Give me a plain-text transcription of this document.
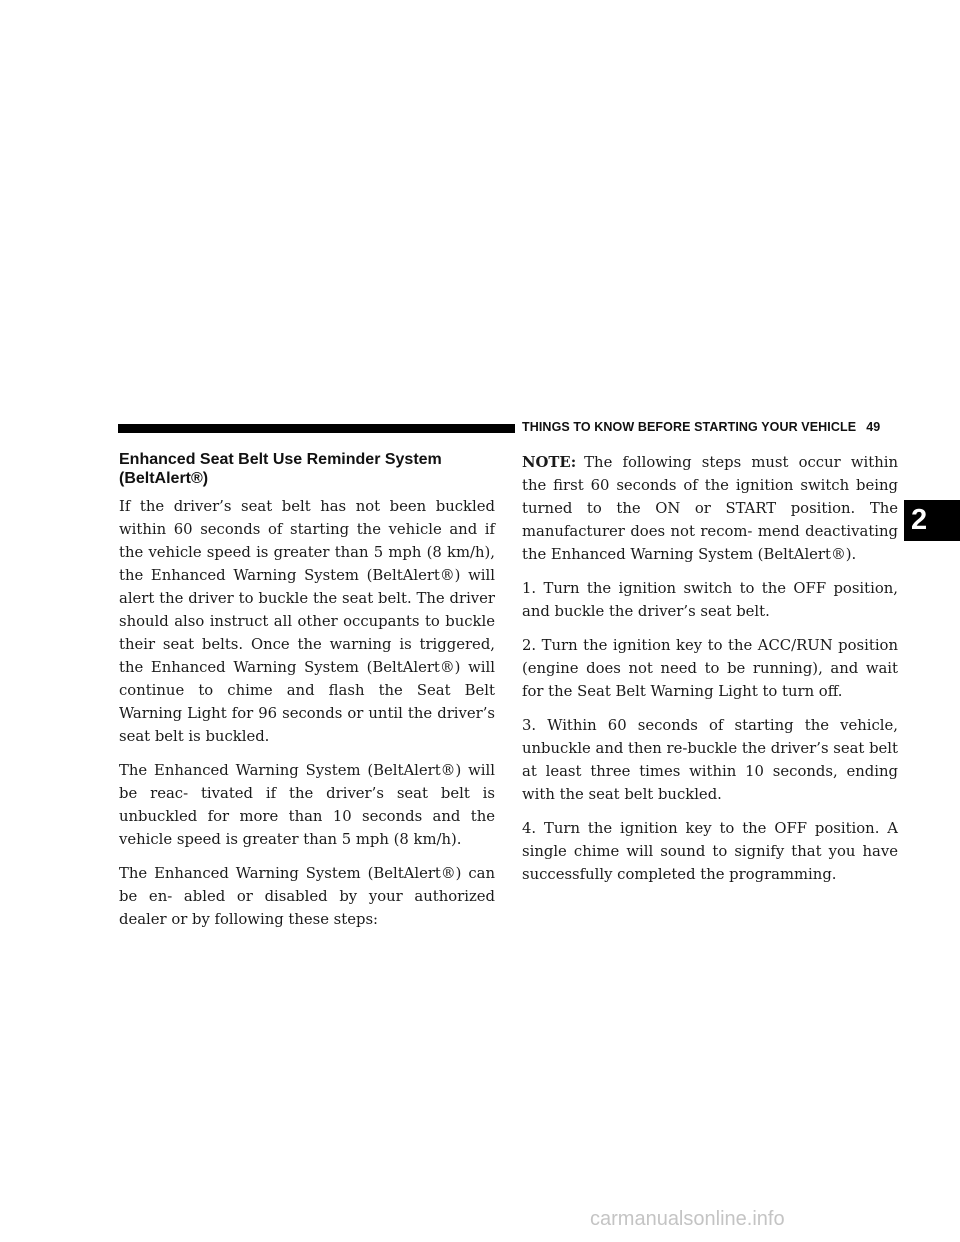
THINGS TO KNOW BEFORE STARTING YOUR VEHICLE 49
2
Enhanced Seat Belt Use Reminder System (BeltAlert®)

If the driver’s seat belt has not been buckled within 60 seconds of starting the vehicle and if the vehicle speed is greater than 5 mph (8 km/h), the Enhanced Warning System (BeltAlert®) will alert the driver to buckle the seat belt. The driver should also instruct all other occupants to buckle their seat belts. Once the warning is triggered, the Enhanced Warning System (BeltAlert®) will continue to chime and flash the Seat Belt Warning Light for 96 seconds or until the driver’s seat belt is buckled.

The Enhanced Warning System (BeltAlert®) will be reac- tivated if the driver’s seat belt is unbuckled for more than 10 seconds and the vehicle speed is greater than 5 mph (8 km/h).

The Enhanced Warning System (BeltAlert®) can be en- abled or disabled by your authorized dealer or by following these steps:

NOTE: The following steps must occur within the first 60 seconds of the ignition switch being turned to the ON or START position. The manufacturer does not recom- mend deactivating the Enhanced Warning System (BeltAlert®).

1. Turn the ignition switch to the OFF position, and buckle the driver’s seat belt.

2. Turn the ignition key to the ACC/RUN position (engine does not need to be running), and wait for the Seat Belt Warning Light to turn off.

3. Within 60 seconds of starting the vehicle, unbuckle and then re-buckle the driver’s seat belt at least three times within 10 seconds, ending with the seat belt buckled.

4. Turn the ignition key to the OFF position. A single chime will sound to signify that you have successfully completed the programming.

carmanualsonline.info
